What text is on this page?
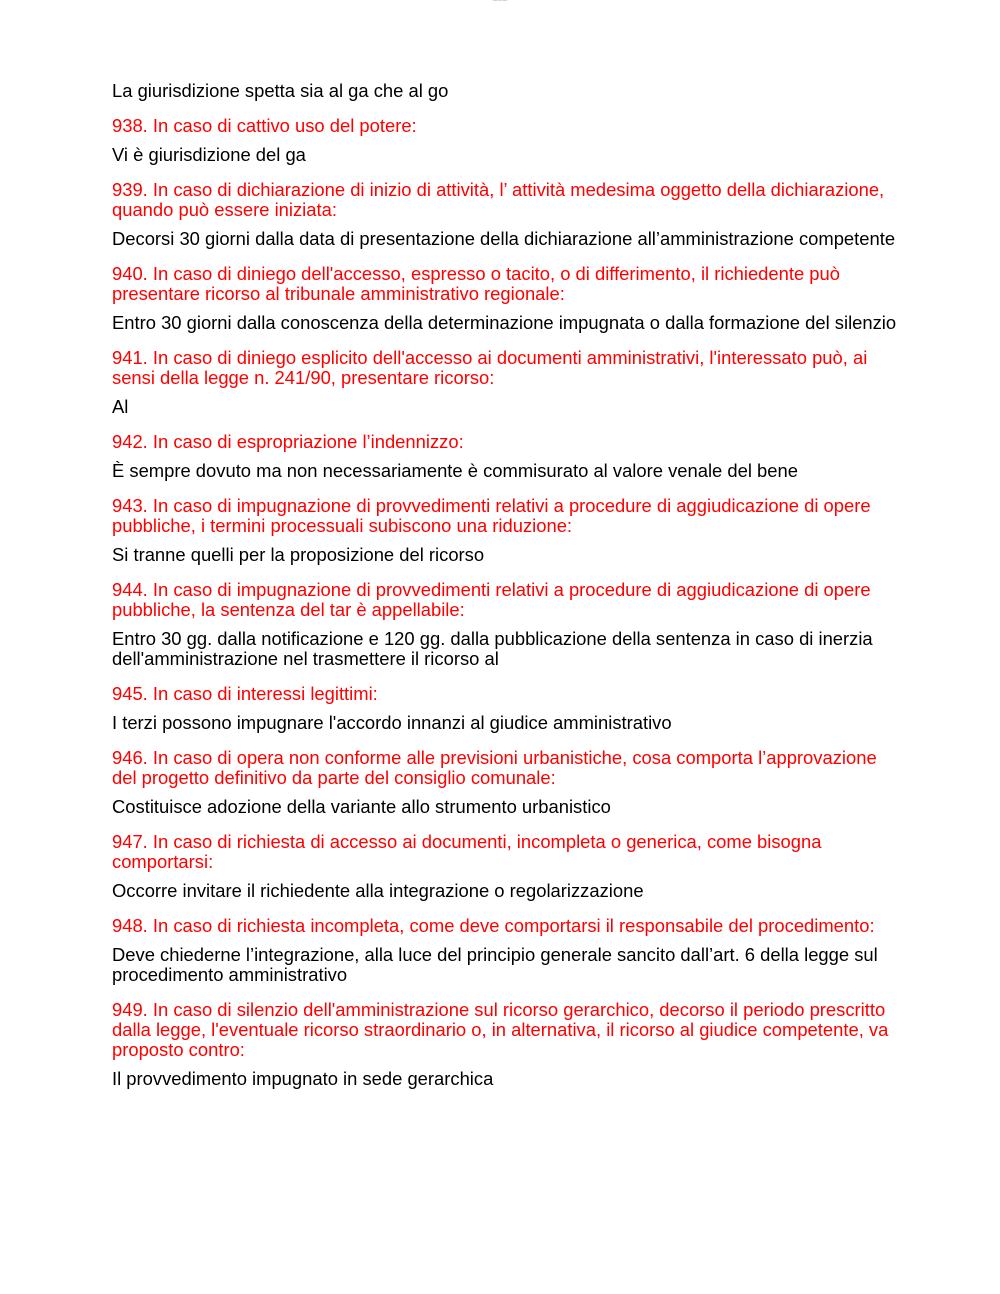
ooooo oo ooooo

La giurisdizione spetta sia al ga che al go

938. In caso di cattivo uso del potere:

Vi è giurisdizione del ga

939. In caso di dichiarazione di inizio di attività, l’ attività medesima oggetto della dichiarazione, quando può essere iniziata:

Decorsi 30 giorni dalla data di presentazione della dichiarazione all’amministrazione competente

940. In caso di diniego dell'accesso, espresso o tacito, o di differimento, il richiedente può presentare ricorso al tribunale amministrativo regionale:

Entro 30 giorni dalla conoscenza della determinazione impugnata o dalla formazione del silenzio

941. In caso di diniego esplicito dell'accesso ai documenti amministrativi, l'interessato può, ai sensi della legge n. 241/90, presentare ricorso:

Al

942. In caso di espropriazione l’indennizzo:

È sempre dovuto ma non necessariamente è commisurato al valore venale del bene

943. In caso di impugnazione di provvedimenti relativi a procedure di aggiudicazione di opere pubbliche, i termini processuali subiscono una riduzione:

Si tranne quelli per la proposizione del ricorso

944. In caso di impugnazione di provvedimenti relativi a procedure di aggiudicazione di opere pubbliche, la sentenza del tar è appellabile:

Entro 30 gg. dalla notificazione e 120 gg. dalla pubblicazione della sentenza in caso di inerzia dell'amministrazione nel trasmettere il ricorso al

945. In caso di interessi legittimi:

I terzi possono impugnare l'accordo innanzi al giudice amministrativo

946. In caso di opera non conforme alle previsioni urbanistiche, cosa comporta l’approvazione del progetto definitivo da parte del consiglio comunale:

Costituisce adozione della variante allo strumento urbanistico

947. In caso di richiesta di accesso ai documenti, incompleta o generica, come bisogna comportarsi:

Occorre invitare il richiedente alla integrazione o regolarizzazione

948. In caso di richiesta incompleta, come deve comportarsi il responsabile del procedimento:

Deve chiederne l’integrazione, alla luce del principio generale sancito dall’art. 6 della legge sul procedimento amministrativo

949. In caso di silenzio dell'amministrazione sul ricorso gerarchico, decorso il periodo prescritto dalla legge, l'eventuale ricorso straordinario o, in alternativa, il ricorso al giudice competente, va proposto contro:

Il provvedimento impugnato in sede gerarchica
